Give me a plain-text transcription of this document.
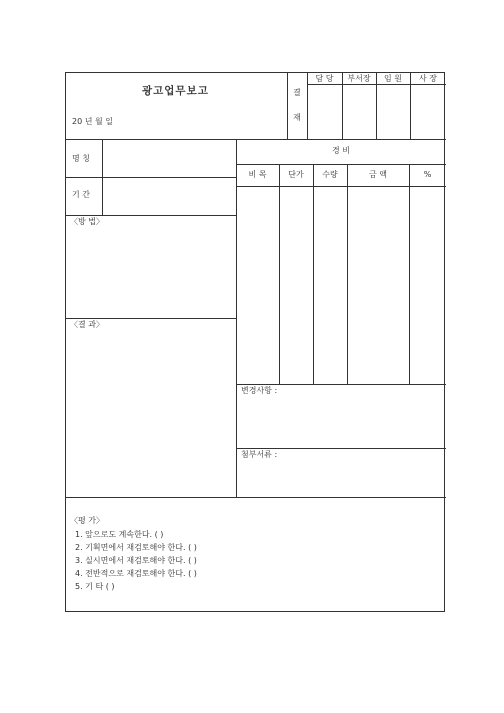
광고업무보고
20 년 월 일
결
재
담 당	부서장	임 원	사 장
명 칭
기 간
〈방 법〉
〈결 과〉
경 비
비 목	단가	수량	금 액	%
변경사항 :
첨부서류 :
〈평 가〉
1. 앞으로도 계속한다. ( )
2. 기획면에서 재검토해야 한다. ( )
3. 실시면에서 재검토해야 한다. ( )
4. 전반적으로 재검토해야 한다. ( )
5. 기 타 ( )
